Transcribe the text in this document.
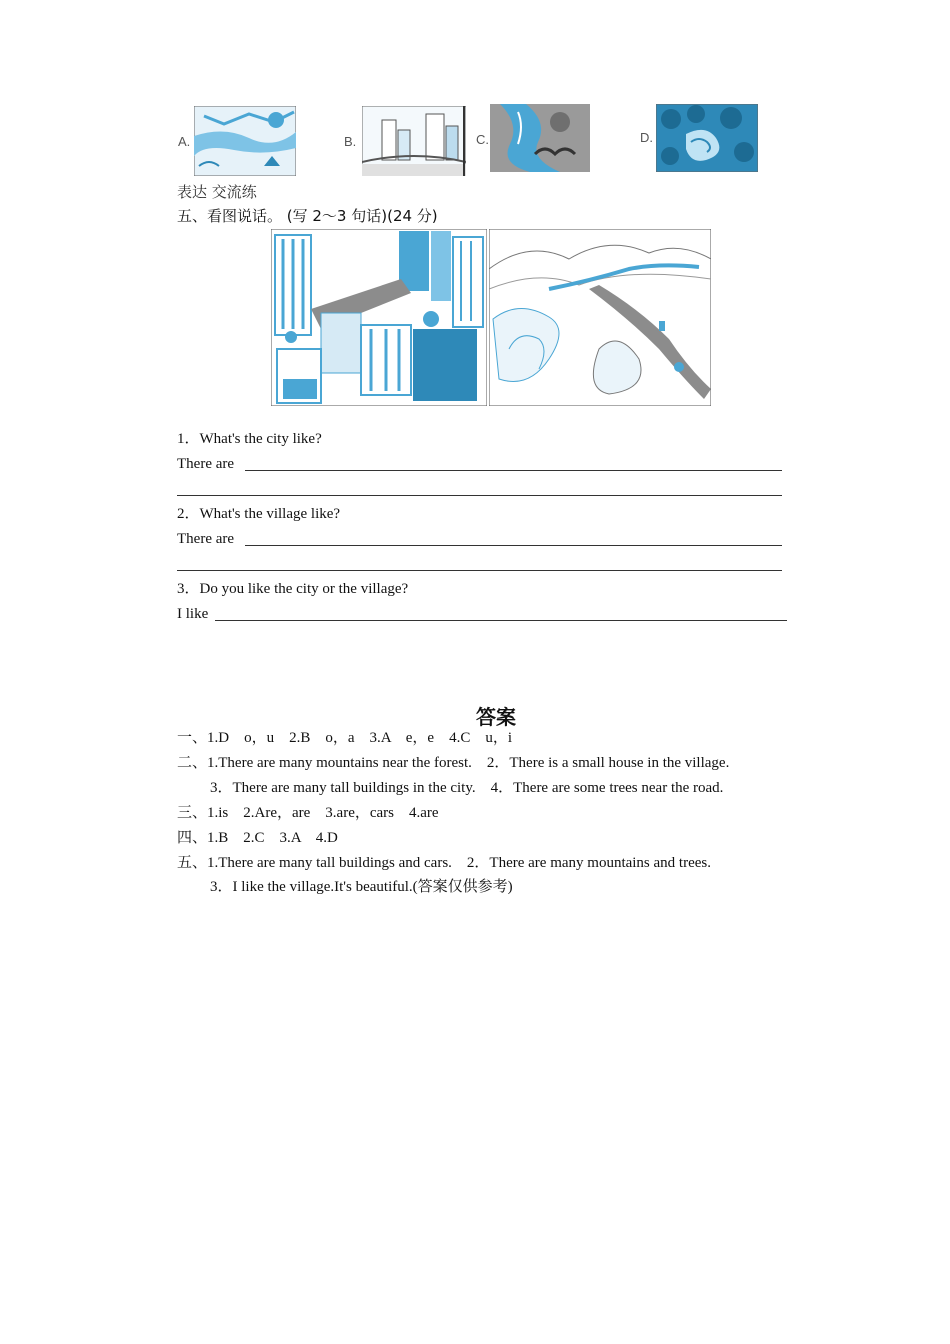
A.	B.	C.	D.
表达 交流练
五、看图说话。 (写 2～3 句话)(24 分)
1．What's the city like?
There are
2．What's the village like?
There are
3．Do you like the city or the village?
I like
答案
一、1.D　o，u　2.B　o，a　3.A　e，e　4.C　u，i
二、1.There are many mountains near the forest.　2．There is a small house in the village.
3．There are many tall buildings in the city.　4．There are some trees near the road.
三、1.is　2.Are，are　3.are，cars　4.are
四、1.B　2.C　3.A　4.D
五、1.There are many tall buildings and cars.　2．There are many mountains and trees.
3．I like the village.It's beautiful.(答案仅供参考)
